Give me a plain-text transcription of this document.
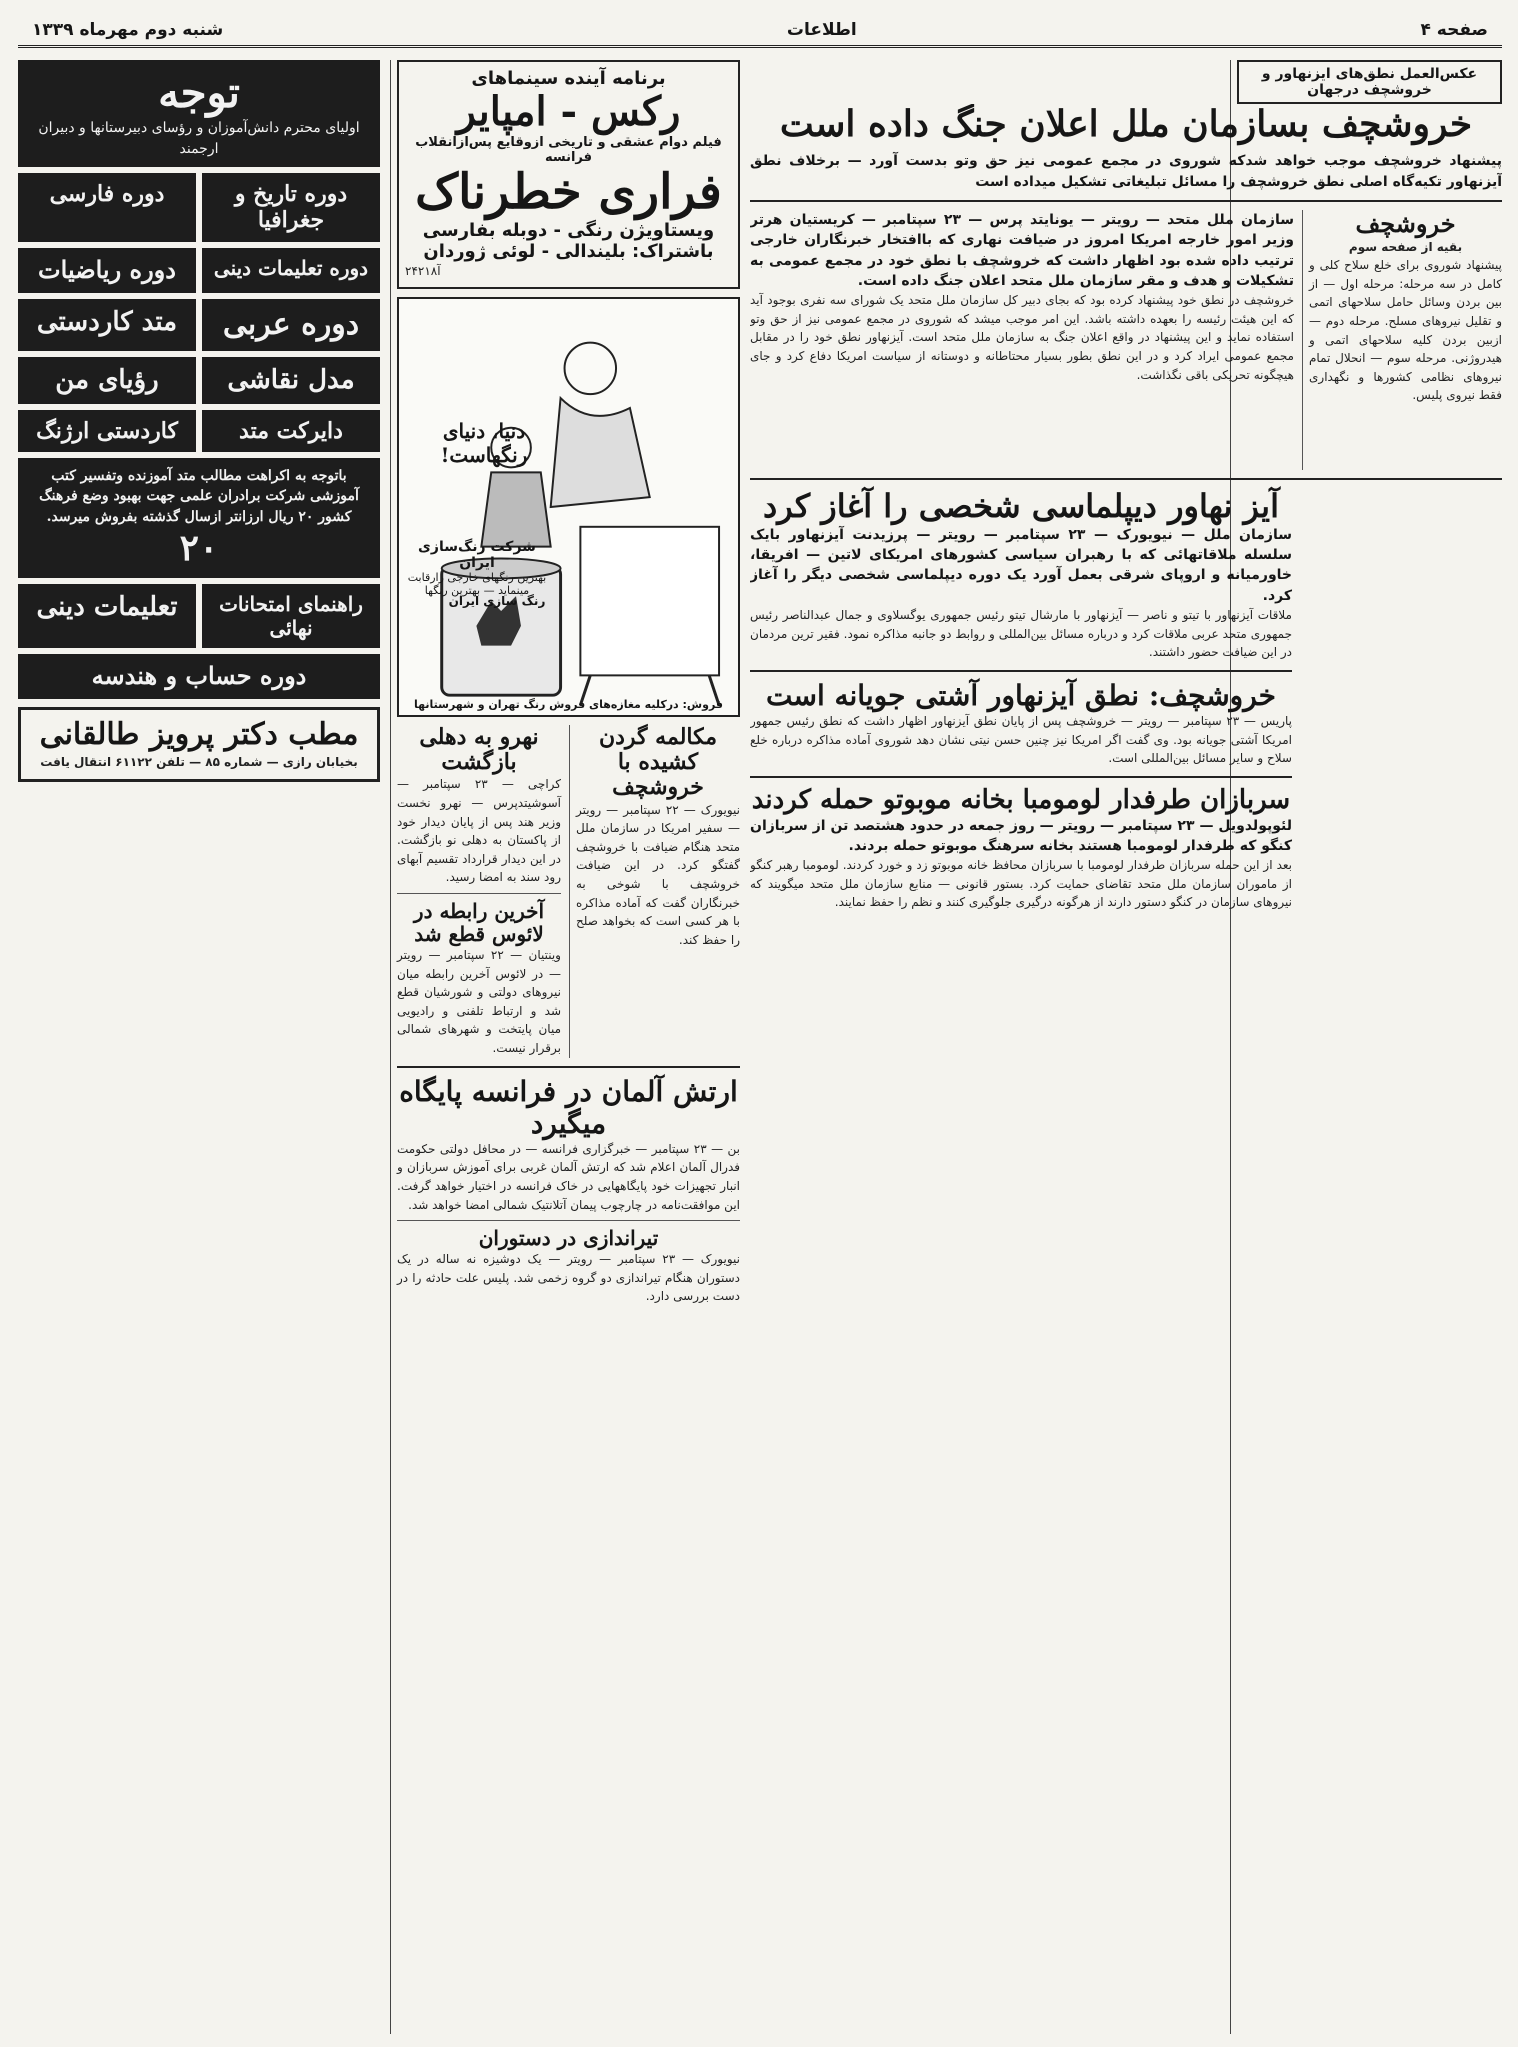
صفحه ۴
اطلاعات
شنبه دوم مهرماه ۱۳۳۹
عکس‌العمل نطق‌های ایزنهاور و خروشچف درجهان
خروشچف بسازمان ملل اعلان جنگ داده است
پیشنهاد خروشچف موجب خواهد شدکه شوروی در مجمع عمومی نیز حق وتو بدست آورد — برخلاف نطق آیزنهاور تکیه‌گاه اصلی نطق خروشچف را مسائل تبلیغاتی تشکیل میداده است
خروشچف
بقیه از صفحه سوم
پیشنهاد شوروی برای خلع سلاح کلی و کامل در سه مرحله: مرحله اول — از بین بردن وسائل حامل سلاحهای اتمی و تقلیل نیروهای مسلح. مرحله دوم — ازبین بردن کلیه سلاحهای اتمی و هیدروژنی. مرحله سوم — انحلال تمام نیروهای نظامی کشورها و نگهداری فقط نیروی پلیس.
سازمان ملل متحد — رویتر — یونایتد پرس — ۲۳ سپتامبر — کریستیان هرتر وزیر امور خارجه امریکا امروز در ضیافت نهاری که باافتخار خبرنگاران خارجی ترتیب داده شده بود اظهار داشت که خروشچف با نطق خود در مجمع عمومی به تشکیلات و هدف و مقر سازمان ملل متحد اعلان جنگ داده است.
خروشچف در نطق خود پیشنهاد کرده بود که بجای دبیر کل سازمان ملل متحد یک شورای سه نفری بوجود آید که این هیئت رئیسه را بعهده داشته باشد. این امر موجب میشد که شوروی در مجمع عمومی نیز از حق وتو استفاده نماید و این پیشنهاد در واقع اعلان جنگ به سازمان ملل متحد است. آیزنهاور نطق خود را در مقابل مجمع عمومی ایراد کرد و در این نطق بطور بسیار محتاطانه و دوستانه از سیاست امریکا دفاع کرد و جای هیچگونه تحریکی باقی نگذاشت.
آیز نهاور دیپلماسی شخصی را آغاز کرد
سازمان ملل — نیویورک — ۲۳ سپتامبر — رویتر — پرزیدنت آیزنهاور بایک سلسله ملاقاتهائی که با رهبران سیاسی کشورهای امریکای لاتین — افریقا، خاورمیانه و اروپای شرقی بعمل آورد یک دوره دیپلماسی شخصی دیگر را آغاز کرد.
ملاقات آیزنهاور با تیتو و ناصر — آیزنهاور با مارشال تیتو رئیس جمهوری یوگسلاوی و جمال عبدالناصر رئیس جمهوری متحد عربی ملاقات کرد و درباره مسائل بین‌المللی و روابط دو جانبه مذاکره نمود. فقیر ترین مردمان در این ضیافت حضور داشتند.
خروشچف: نطق آیزنهاور آشتی جویانه است
پاریس — ۲۳ سپتامبر — رویتر — خروشچف پس از پایان نطق آیزنهاور اظهار داشت که نطق رئیس جمهور امریکا آشتی جویانه بود. وی گفت اگر امریکا نیز چنین حسن نیتی نشان دهد شوروی آماده مذاکره درباره خلع سلاح و سایر مسائل بین‌المللی است.
سربازان طرفدار لومومبا بخانه موبوتو حمله کردند
لئوپولدویل — ۲۳ سپتامبر — رویتر — روز جمعه در حدود هشتصد تن از سربازان کنگو که طرفدار لومومبا هستند بخانه سرهنگ موبوتو حمله بردند.
بعد از این حمله سربازان طرفدار لومومبا با سربازان محافظ خانه موبوتو زد و خورد کردند. لومومبا رهبر کنگو از ماموران سازمان ملل متحد تقاضای حمایت کرد. بستور قانونی — منابع سازمان ملل متحد میگویند که نیروهای سازمان در کنگو دستور دارند از هرگونه درگیری جلوگیری کنند و نظم را حفظ نمایند.
برنامه آینده سینماهای
رکس - امپایر
فیلم دوام عشقی و تاریخی ازوقایع پس‌ازانقلاب فرانسه
فراری خطرناک
ویستاویژن رنگی - دوبله بفارسی
باشتراک: بلیندالی - لوئی ژوردان
آ۲۴۲۱۸
دنیا، دنیای رنگهاست!
شرکت رنگ‌سازی ایران
بهترین رنگهای خارجی رارقابت مینماید — بهترین رنگها
رنگ سازی ایران
فروش: درکلیه مغازه‌های فروش رنگ تهران و شهرستانها
مکالمه گردن کشیده با خروشچف
نیویورک — ۲۲ سپتامبر — رویتر — سفیر امریکا در سازمان ملل متحد هنگام ضیافت با خروشچف گفتگو کرد. در این ضیافت خروشچف با شوخی به خبرنگاران گفت که آماده مذاکره با هر کسی است که بخواهد صلح را حفظ کند.
نهرو به دهلی بازگشت
کراچی — ۲۳ سپتامبر — آسوشیتدپرس — نهرو نخست وزیر هند پس از پایان دیدار خود از پاکستان به دهلی نو بازگشت. در این دیدار قرارداد تقسیم آبهای رود سند به امضا رسید.
آخرین رابطه در لائوس قطع شد
وینتیان — ۲۲ سپتامبر — رویتر — در لائوس آخرین رابطه میان نیروهای دولتی و شورشیان قطع شد و ارتباط تلفنی و رادیویی میان پایتخت و شهرهای شمالی برقرار نیست.
ارتش آلمان در فرانسه پایگاه میگیرد
بن — ۲۳ سپتامبر — خبرگزاری فرانسه — در محافل دولتی حکومت فدرال آلمان اعلام شد که ارتش آلمان غربی برای آموزش سربازان و انبار تجهیزات خود پایگاههایی در خاک فرانسه در اختیار خواهد گرفت. این موافقت‌نامه در چارچوب پیمان آتلانتیک شمالی امضا خواهد شد.
تیراندازی در دستوران
نیویورک — ۲۳ سپتامبر — رویتر — یک دوشیزه نه ساله در یک دستوران هنگام تیراندازی دو گروه زخمی شد. پلیس علت حادثه را در دست بررسی دارد.
توجه
اولیای محترم دانش‌آموزان و رؤسای دبیرستانها و دبیران ارجمند
دوره تاریخ و جغرافیا
دوره فارسی
دوره تعلیمات دینی
دوره ریاضیات
دوره عربی
متد کاردستی
مدل نقاشی
رؤیای من
دایرکت متد
کاردستی ارژنگ
باتوجه به اکراهت مطالب متد آموزنده وتفسیر کتب آموزشی شرکت برادران علمی جهت بهبود وضع فرهنگ کشور ۲۰ ریال ارزانتر ازسال گذشته بفروش میرسد.
۲۰
راهنمای امتحانات نهائی
تعلیمات دینی
دوره حساب و هندسه
مطب دکتر پرویز طالقانی
بخیابان رازی — شماره ۸۵ — تلفن ۶۱۱۲۲ انتقال یافت
